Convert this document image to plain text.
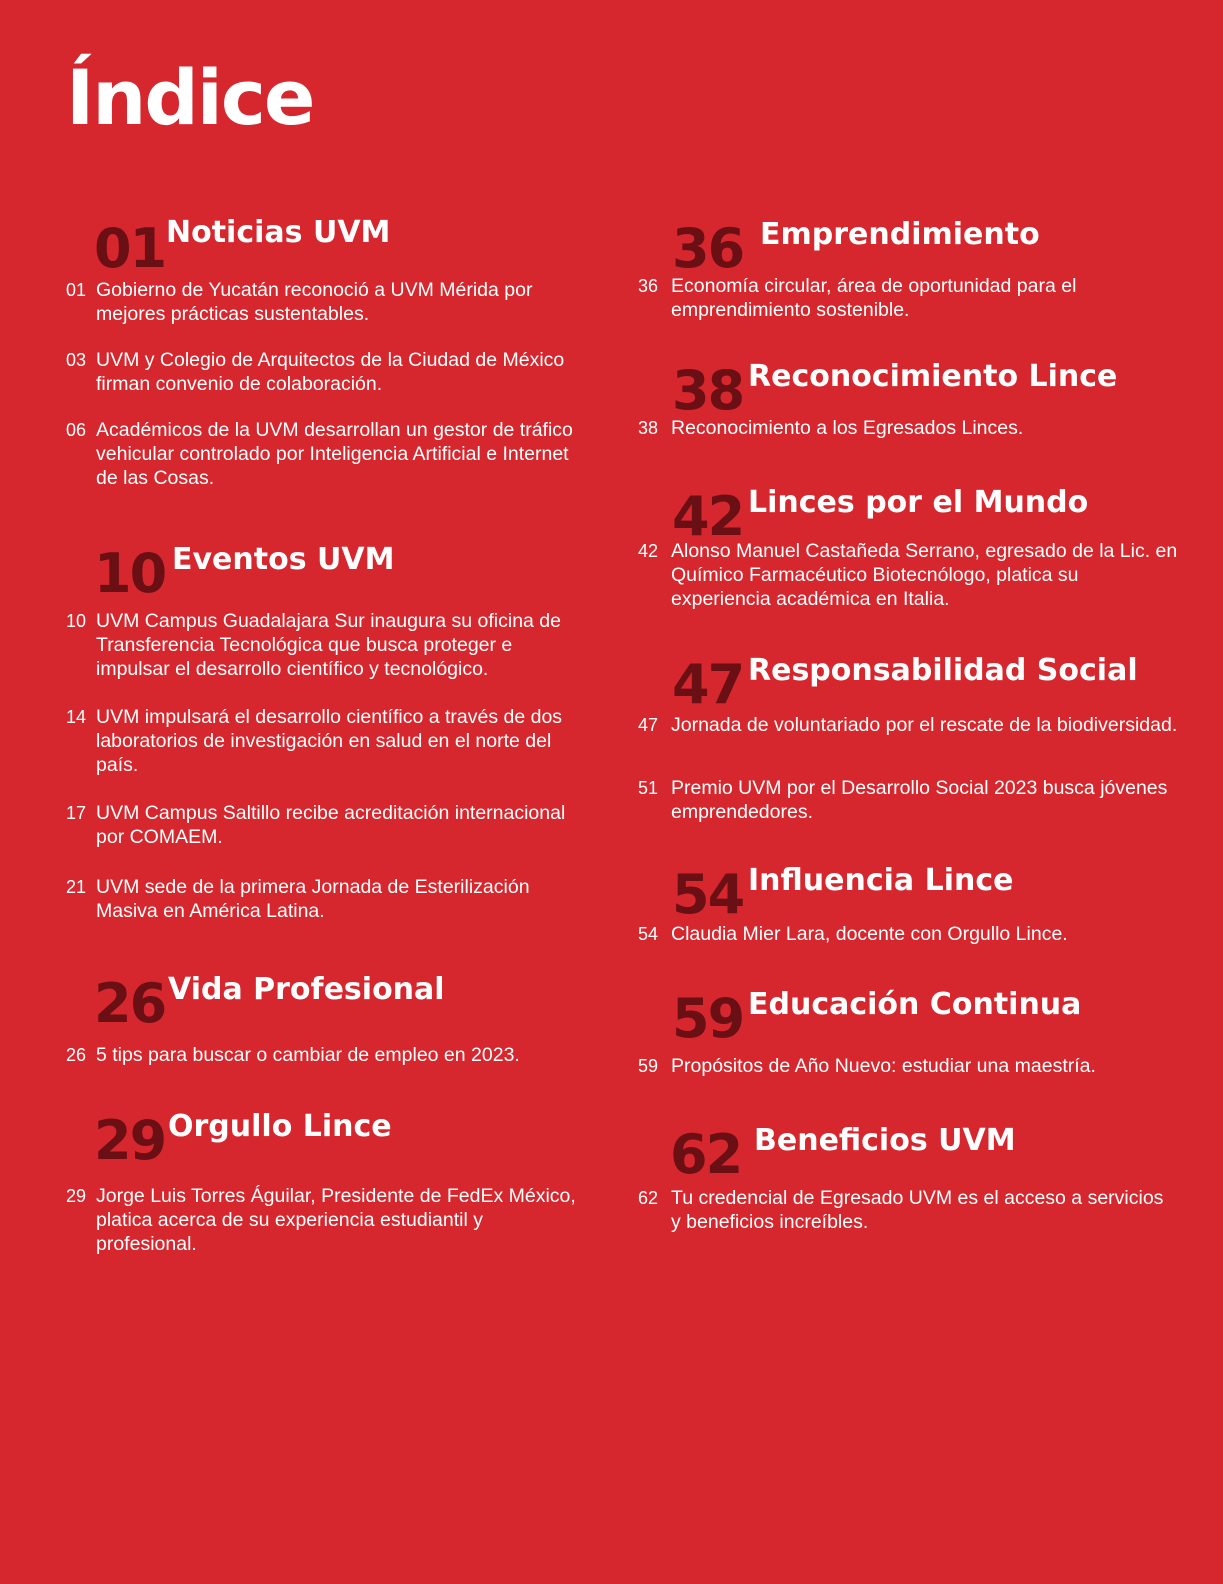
Índice
01 Noticias UVM
01 Gobierno de Yucatán reconoció a UVM Mérida por mejores prácticas sustentables.
03 UVM y Colegio de Arquitectos de la Ciudad de México firman convenio de colaboración.
06 Académicos de la UVM desarrollan un gestor de tráfico vehicular controlado por Inteligencia Artificial e Internet de las Cosas.
10 Eventos UVM
10 UVM Campus Guadalajara Sur inaugura su oficina de Transferencia Tecnológica que busca proteger e impulsar el desarrollo científico y tecnológico.
14 UVM impulsará el desarrollo científico a través de dos laboratorios de investigación en salud en el norte del país.
17 UVM Campus Saltillo recibe acreditación internacional por COMAEM.
21 UVM sede de la primera Jornada de Esterilización Masiva en América Latina.
26 Vida Profesional
26 5 tips para buscar o cambiar de empleo en 2023.
29 Orgullo Lince
29 Jorge Luis Torres Águilar, Presidente de FedEx México, platica acerca de su experiencia estudiantil y profesional.
36 Emprendimiento
36 Economía circular, área de oportunidad para el emprendimiento sostenible.
38 Reconocimiento Lince
38 Reconocimiento a los Egresados Linces.
42 Linces por el Mundo
42 Alonso Manuel Castañeda Serrano, egresado de la Lic. en Químico Farmacéutico Biotecnólogo, platica su experiencia académica en Italia.
47 Responsabilidad Social
47 Jornada de voluntariado por el rescate de la biodiversidad.
51 Premio UVM por el Desarrollo Social 2023 busca jóvenes emprendedores.
54 Influencia Lince
54 Claudia Mier Lara, docente con Orgullo Lince.
59 Educación Continua
59 Propósitos de Año Nuevo: estudiar una maestría.
62 Beneficios UVM
62 Tu credencial de Egresado UVM es el acceso a servicios y beneficios increíbles.
